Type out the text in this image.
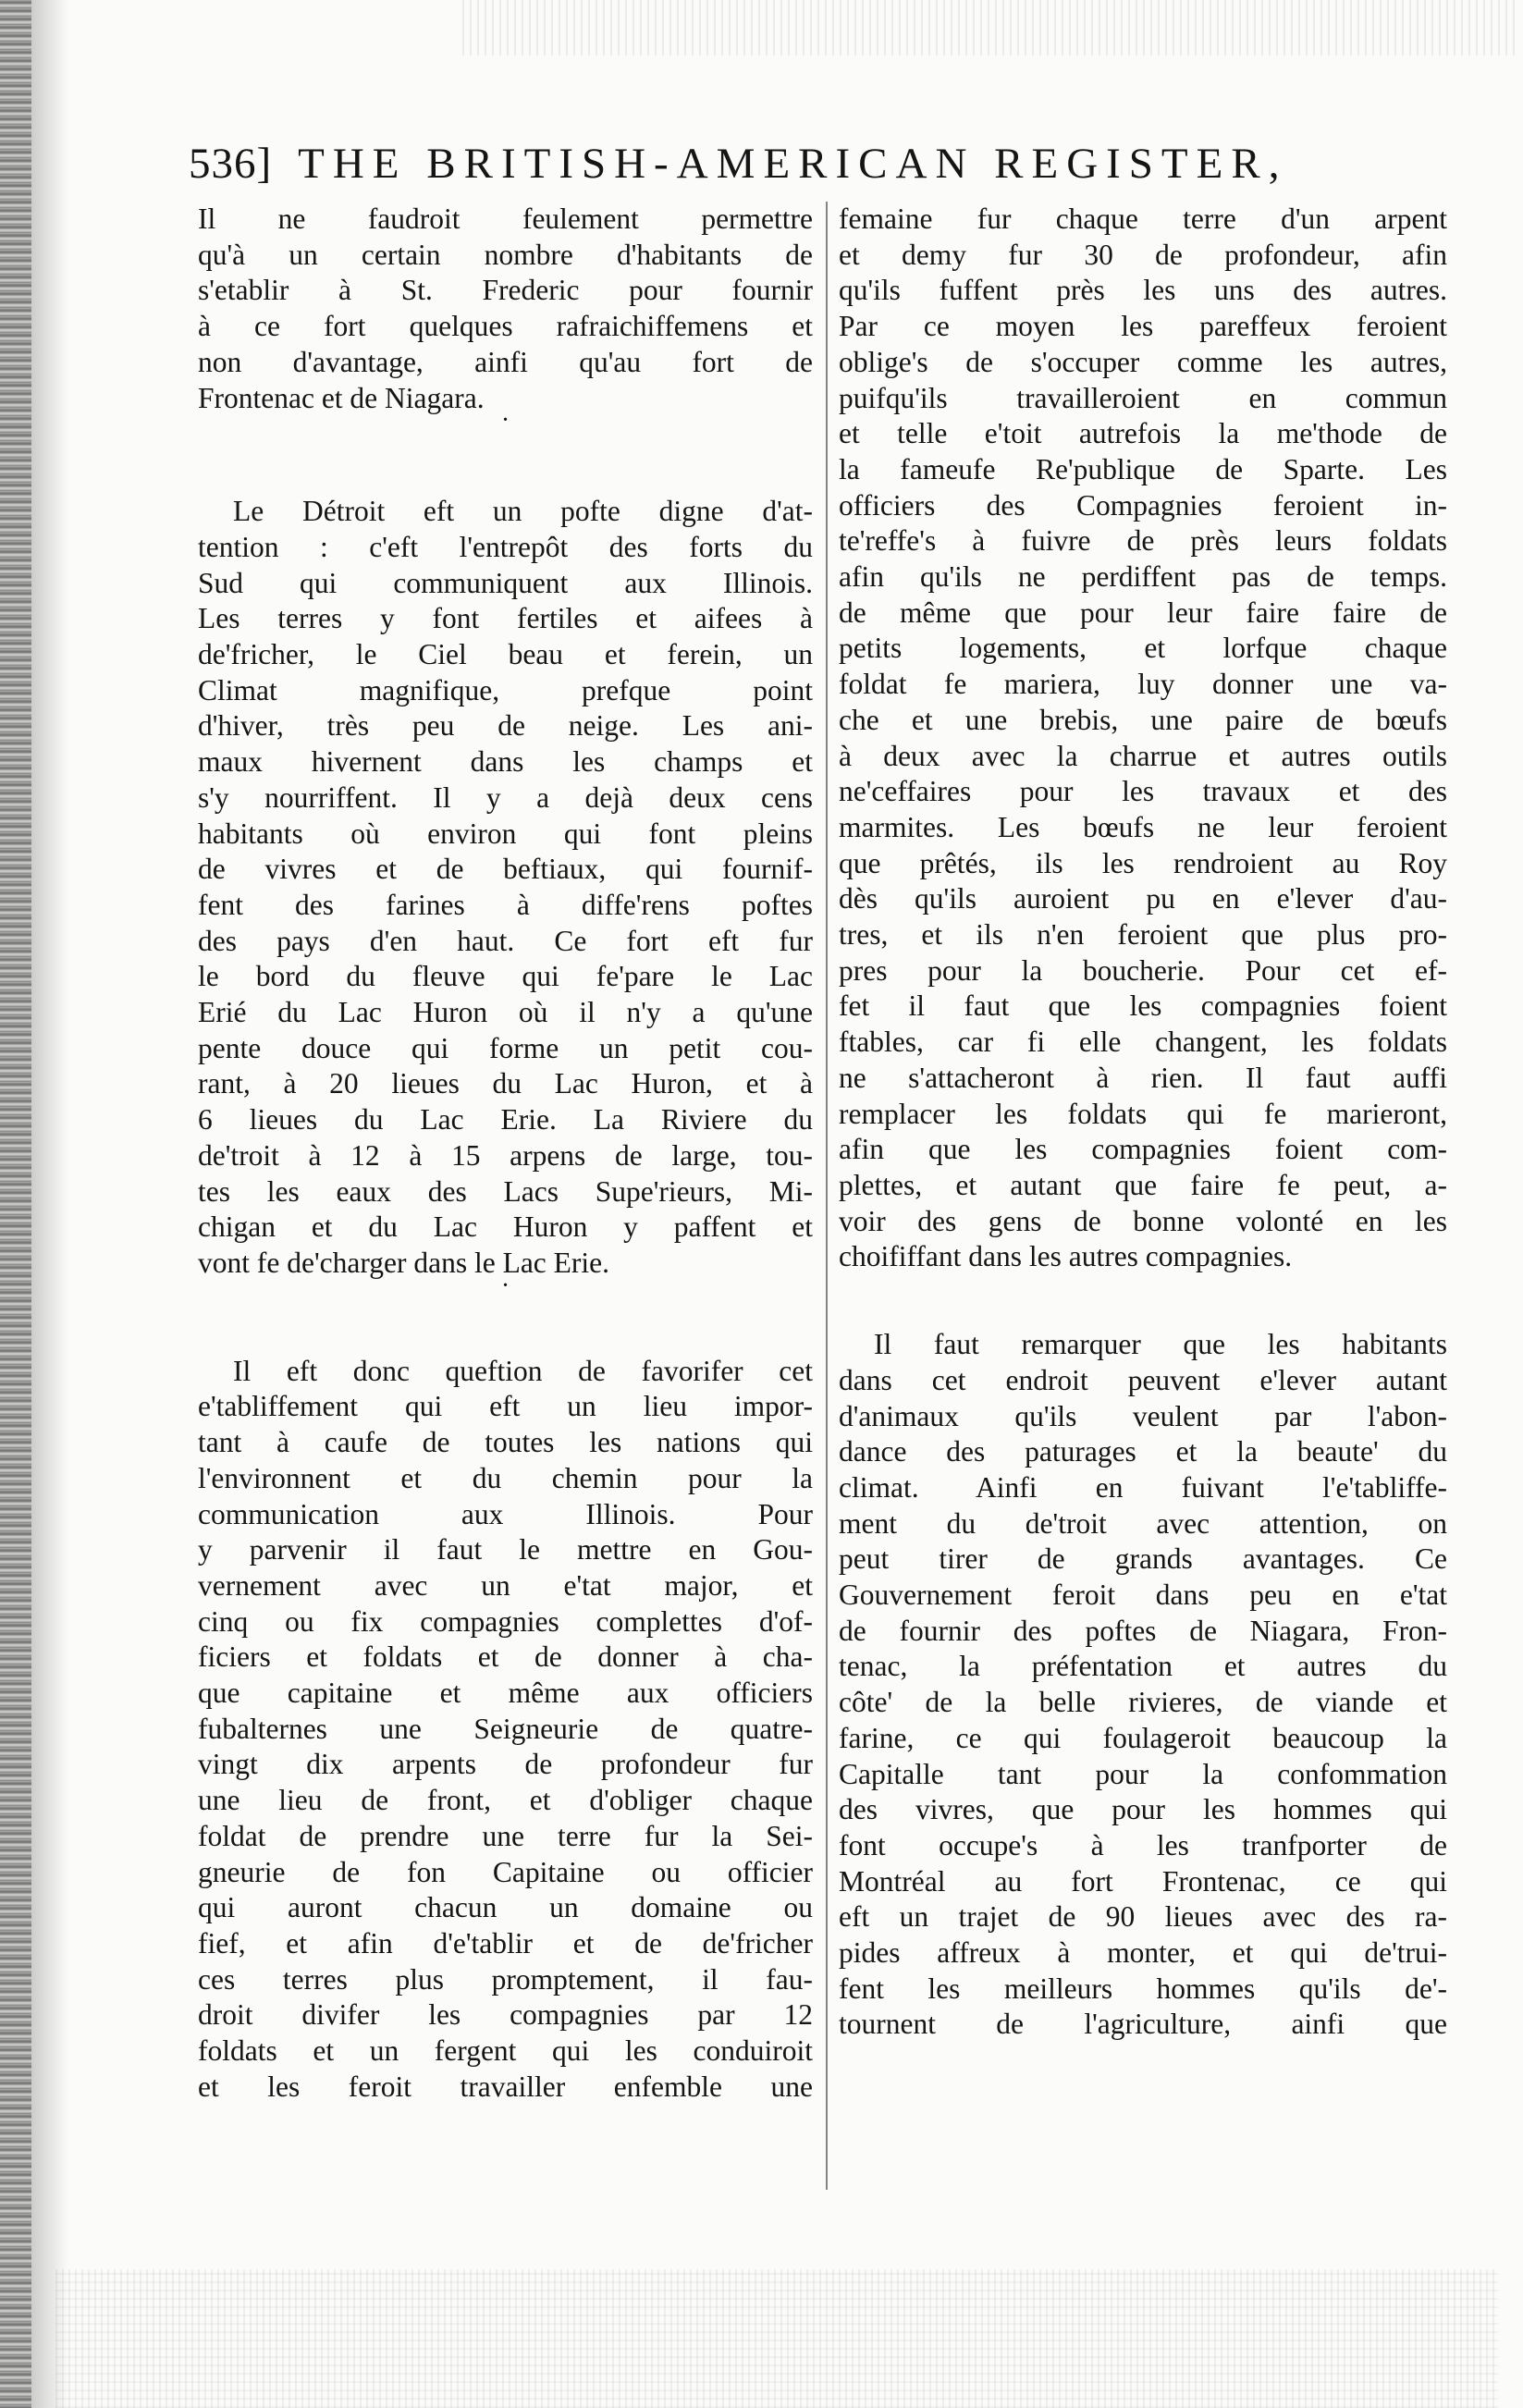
536] THE BRITISH-AMERICAN REGISTER,
Il ne faudroit feulement permettre
qu'à un certain nombre d'habitants de
s'etablir à St. Frederic pour fournir
à ce fort quelques rafraichiffemens et
non d'avantage, ainfi qu'au fort de
Frontenac et de Niagara.
·
Le Détroit eft un pofte digne d'at-
tention : c'eft l'entrepôt des forts du
Sud qui communiquent aux Illinois.
Les terres y font fertiles et aifees à
de'fricher, le Ciel beau et ferein, un
Climat magnifique, prefque point
d'hiver, très peu de neige. Les ani-
maux hivernent dans les champs et
s'y nourriffent. Il y a dejà deux cens
habitants où environ qui font pleins
de vivres et de beftiaux, qui fournif-
fent des farines à diffe'rens poftes
des pays d'en haut. Ce fort eft fur
le bord du fleuve qui fe'pare le Lac
Erié du Lac Huron où il n'y a qu'une
pente douce qui forme un petit cou-
rant, à 20 lieues du Lac Huron, et à
6 lieues du Lac Erie. La Riviere du
de'troit à 12 à 15 arpens de large, tou-
tes les eaux des Lacs Supe'rieurs, Mi-
chigan et du Lac Huron y paffent et
vont fe de'charger dans le Lac Erie.
·
Il eft donc queftion de favorifer cet
e'tabliffement qui eft un lieu impor-
tant à caufe de toutes les nations qui
l'environnent et du chemin pour la
communication aux Illinois. Pour
y parvenir il faut le mettre en Gou-
vernement avec un e'tat major, et
cinq ou fix compagnies complettes d'of-
ficiers et foldats et de donner à cha-
que capitaine et même aux officiers
fubalternes une Seigneurie de quatre-
vingt dix arpents de profondeur fur
une lieu de front, et d'obliger chaque
foldat de prendre une terre fur la Sei-
gneurie de fon Capitaine ou officier
qui auront chacun un domaine ou
fief, et afin d'e'tablir et de de'fricher
ces terres plus promptement, il fau-
droit divifer les compagnies par 12
foldats et un fergent qui les conduiroit
et les feroit travailler enfemble une
femaine fur chaque terre d'un arpent
et demy fur 30 de profondeur, afin
qu'ils fuffent près les uns des autres.
Par ce moyen les pareffeux feroient
oblige's de s'occuper comme les autres,
puifqu'ils travailleroient en commun
et telle e'toit autrefois la me'thode de
la fameufe Re'publique de Sparte. Les
officiers des Compagnies feroient in-
te'reffe's à fuivre de près leurs foldats
afin qu'ils ne perdiffent pas de temps.
de même que pour leur faire faire de
petits logements, et lorfque chaque
foldat fe mariera, luy donner une va-
che et une brebis, une paire de bœufs
à deux avec la charrue et autres outils
ne'ceffaires pour les travaux et des
marmites. Les bœufs ne leur feroient
que prêtés, ils les rendroient au Roy
dès qu'ils auroient pu en e'lever d'au-
tres, et ils n'en feroient que plus pro-
pres pour la boucherie. Pour cet ef-
fet il faut que les compagnies foient
ftables, car fi elle changent, les foldats
ne s'attacheront à rien. Il faut auffi
remplacer les foldats qui fe marieront,
afin que les compagnies foient com-
plettes, et autant que faire fe peut, a-
voir des gens de bonne volonté en les
choififfant dans les autres compagnies.
Il faut remarquer que les habitants
dans cet endroit peuvent e'lever autant
d'animaux qu'ils veulent par l'abon-
dance des paturages et la beaute' du
climat. Ainfi en fuivant l'e'tabliffe-
ment du de'troit avec attention, on
peut tirer de grands avantages. Ce
Gouvernement feroit dans peu en e'tat
de fournir des poftes de Niagara, Fron-
tenac, la préfentation et autres du
côte' de la belle rivieres, de viande et
farine, ce qui foulageroit beaucoup la
Capitalle tant pour la confommation
des vivres, que pour les hommes qui
font occupe's à les tranfporter de
Montréal au fort Frontenac, ce qui
eft un trajet de 90 lieues avec des ra-
pides affreux à monter, et qui de'trui-
fent les meilleurs hommes qu'ils de'-
tournent de l'agriculture, ainfi que
